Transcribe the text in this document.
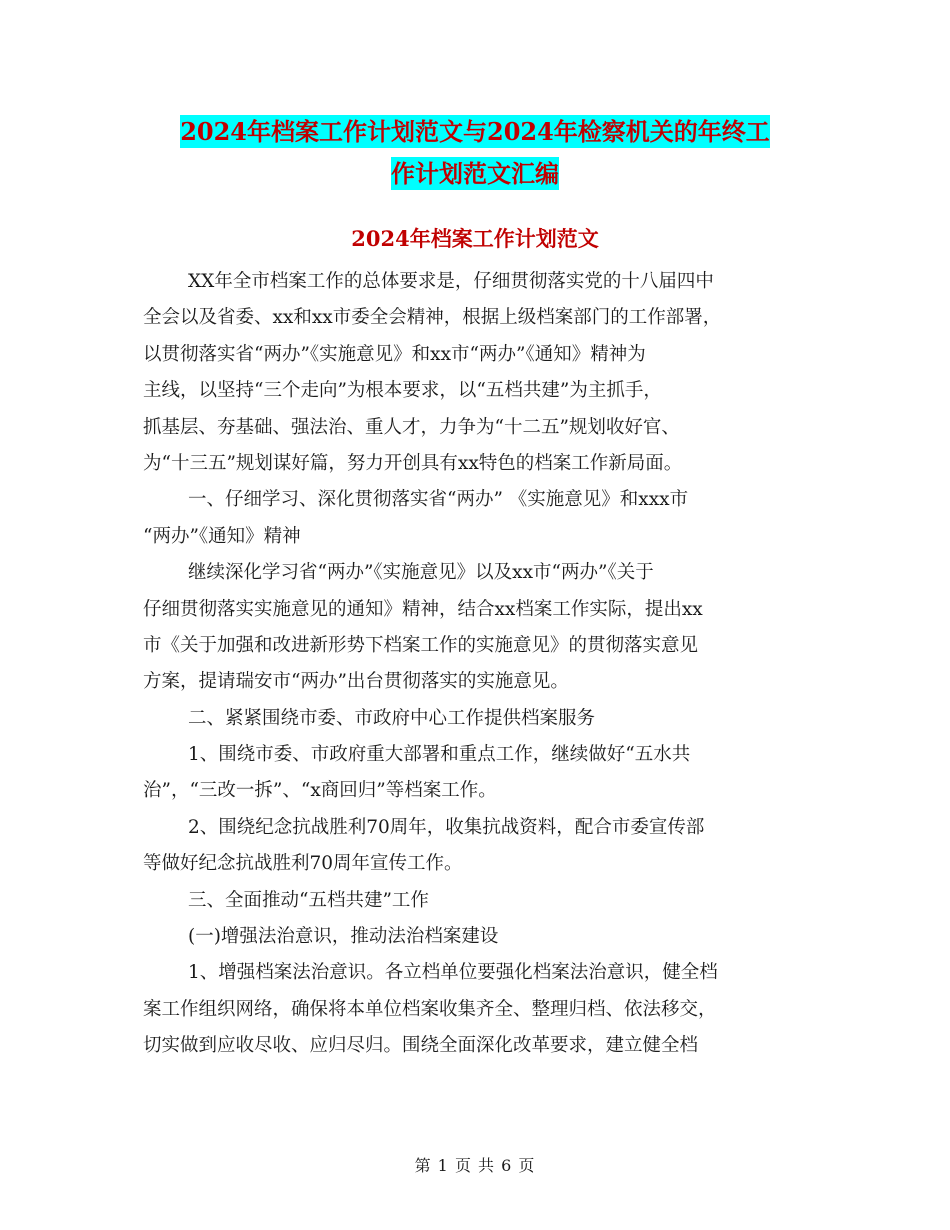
2024年档案工作计划范文与2024年检察机关的年终工
作计划范文汇编
2024年档案工作计划范文
XX年全市档案工作的总体要求是，仔细贯彻落实党的十八届四中
全会以及省委、xx和xx市委全会精神，根据上级档案部门的工作部署，
以贯彻落实省“两办”《实施意见》和xx市“两办”《通知》精神为
主线，以坚持“三个走向”为根本要求，以“五档共建”为主抓手，
抓基层、夯基础、强法治、重人才，力争为“十二五”规划收好官、
为“十三五”规划谋好篇，努力开创具有xx特色的档案工作新局面。
一、仔细学习、深化贯彻落实省“两办” 《实施意见》和xxx市
“两办”《通知》精神
继续深化学习省“两办”《实施意见》以及xx市“两办”《关于
仔细贯彻落实实施意见的通知》精神，结合xx档案工作实际，提出xx
市《关于加强和改进新形势下档案工作的实施意见》的贯彻落实意见
方案，提请瑞安市“两办”出台贯彻落实的实施意见。
二、紧紧围绕市委、市政府中心工作提供档案服务
1、围绕市委、市政府重大部署和重点工作，继续做好“五水共
治”，“三改一拆”、“x商回归”等档案工作。
2、围绕纪念抗战胜利70周年，收集抗战资料，配合市委宣传部
等做好纪念抗战胜利70周年宣传工作。
三、全面推动“五档共建”工作
(一)增强法治意识，推动法治档案建设
1、增强档案法治意识。各立档单位要强化档案法治意识，健全档
案工作组织网络，确保将本单位档案收集齐全、整理归档、依法移交，
切实做到应收尽收、应归尽归。围绕全面深化改革要求，建立健全档
第 1 页 共 6 页
